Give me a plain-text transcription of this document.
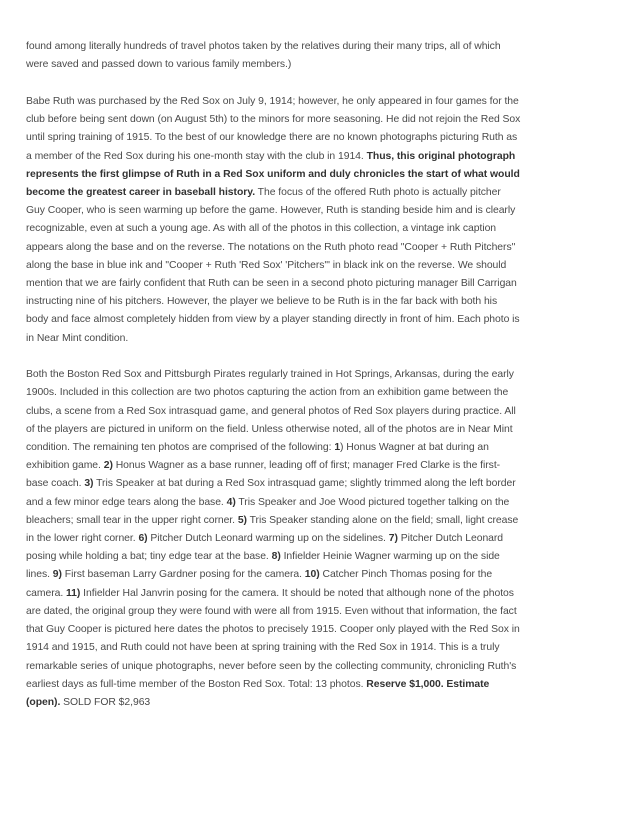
found among literally hundreds of travel photos taken by the relatives during their many trips, all of which were saved and passed down to various family members.)

Babe Ruth was purchased by the Red Sox on July 9, 1914; however, he only appeared in four games for the club before being sent down (on August 5th) to the minors for more seasoning. He did not rejoin the Red Sox until spring training of 1915. To the best of our knowledge there are no known photographs picturing Ruth as a member of the Red Sox during his one-month stay with the club in 1914. Thus, this original photograph represents the first glimpse of Ruth in a Red Sox uniform and duly chronicles the start of what would become the greatest career in baseball history. The focus of the offered Ruth photo is actually pitcher Guy Cooper, who is seen warming up before the game. However, Ruth is standing beside him and is clearly recognizable, even at such a young age. As with all of the photos in this collection, a vintage ink caption appears along the base and on the reverse. The notations on the Ruth photo read "Cooper + Ruth Pitchers" along the base in blue ink and "Cooper + Ruth 'Red Sox' 'Pitchers'" in black ink on the reverse. We should mention that we are fairly confident that Ruth can be seen in a second photo picturing manager Bill Carrigan instructing nine of his pitchers. However, the player we believe to be Ruth is in the far back with both his body and face almost completely hidden from view by a player standing directly in front of him. Each photo is in Near Mint condition.

Both the Boston Red Sox and Pittsburgh Pirates regularly trained in Hot Springs, Arkansas, during the early 1900s. Included in this collection are two photos capturing the action from an exhibition game between the clubs, a scene from a Red Sox intrasquad game, and general photos of Red Sox players during practice. All of the players are pictured in uniform on the field. Unless otherwise noted, all of the photos are in Near Mint condition. The remaining ten photos are comprised of the following: 1) Honus Wagner at bat during an exhibition game. 2) Honus Wagner as a base runner, leading off of first; manager Fred Clarke is the first-base coach. 3) Tris Speaker at bat during a Red Sox intrasquad game; slightly trimmed along the left border and a few minor edge tears along the base. 4) Tris Speaker and Joe Wood pictured together talking on the bleachers; small tear in the upper right corner. 5) Tris Speaker standing alone on the field; small, light crease in the lower right corner. 6) Pitcher Dutch Leonard warming up on the sidelines. 7) Pitcher Dutch Leonard posing while holding a bat; tiny edge tear at the base. 8) Infielder Heinie Wagner warming up on the side lines. 9) First baseman Larry Gardner posing for the camera. 10) Catcher Pinch Thomas posing for the camera. 11) Infielder Hal Janvrin posing for the camera. It should be noted that although none of the photos are dated, the original group they were found with were all from 1915. Even without that information, the fact that Guy Cooper is pictured here dates the photos to precisely 1915. Cooper only played with the Red Sox in 1914 and 1915, and Ruth could not have been at spring training with the Red Sox in 1914. This is a truly remarkable series of unique photographs, never before seen by the collecting community, chronicling Ruth's earliest days as full-time member of the Boston Red Sox. Total: 13 photos. Reserve $1,000. Estimate (open). SOLD FOR $2,963
